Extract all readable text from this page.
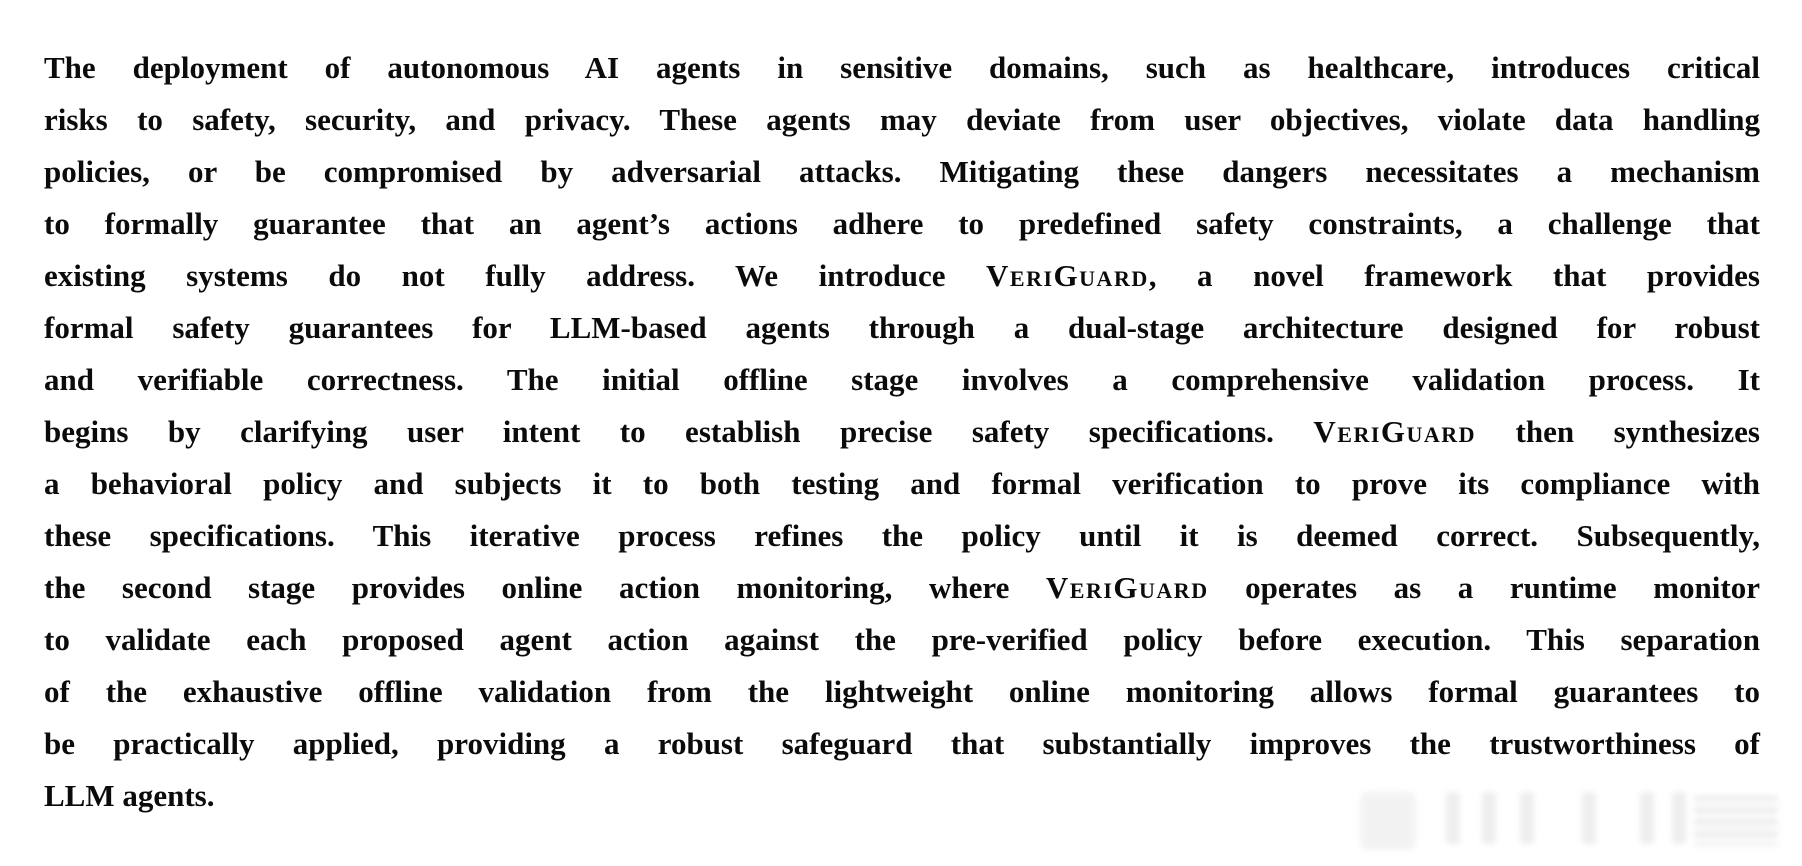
The deployment of autonomous AI agents in sensitive domains, such as healthcare, introduces critical
risks to safety, security, and privacy. These agents may deviate from user objectives, violate data handling
policies, or be compromised by adversarial attacks. Mitigating these dangers necessitates a mechanism
to formally guarantee that an agent’s actions adhere to predefined safety constraints, a challenge that
existing systems do not fully address. We introduce VeriGuard, a novel framework that provides
formal safety guarantees for LLM-based agents through a dual-stage architecture designed for robust
and verifiable correctness. The initial offline stage involves a comprehensive validation process. It
begins by clarifying user intent to establish precise safety specifications. VeriGuard then synthesizes
a behavioral policy and subjects it to both testing and formal verification to prove its compliance with
these specifications. This iterative process refines the policy until it is deemed correct. Subsequently,
the second stage provides online action monitoring, where VeriGuard operates as a runtime monitor
to validate each proposed agent action against the pre-verified policy before execution. This separation
of the exhaustive offline validation from the lightweight online monitoring allows formal guarantees to
be practically applied, providing a robust safeguard that substantially improves the trustworthiness of
LLM agents.
